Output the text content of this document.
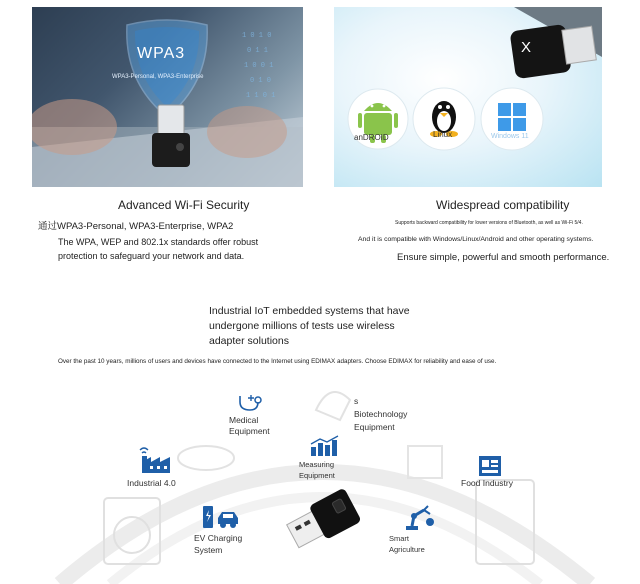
1 0 1 0
0 1 1
1 0 0 1
0 1 0
1 1 0 1
WPA3
WPA3-Personal, WPA3-Enterprise
X
anDROID	Linux	Windows 11
Advanced Wi-Fi Security
通过WPA3-Personal, WPA3-Enterprise, WPA2
The WPA, WEP and 802.1x standards offer robust
protection to safeguard your network and data.
Widespread compatibility
Supports backward compatibility for lower versions of Bluetooth, as well as Wi-Fi 5/4.
And it is compatible with Windows/Linux/Android and other operating systems.
Ensure simple, powerful and smooth performance.
Industrial IoT embedded systems that have
undergone millions of tests use wireless
adapter solutions
Over the past 10 years, millions of users and devices have connected to the Internet using EDIMAX adapters. Choose EDIMAX for reliability and ease of use.
Medical
Equipment
s
Biotechnology
Equipment
Measuring
Equipment
Industrial 4.0	Food Industry
EV Charging
System
Smart
Agriculture
